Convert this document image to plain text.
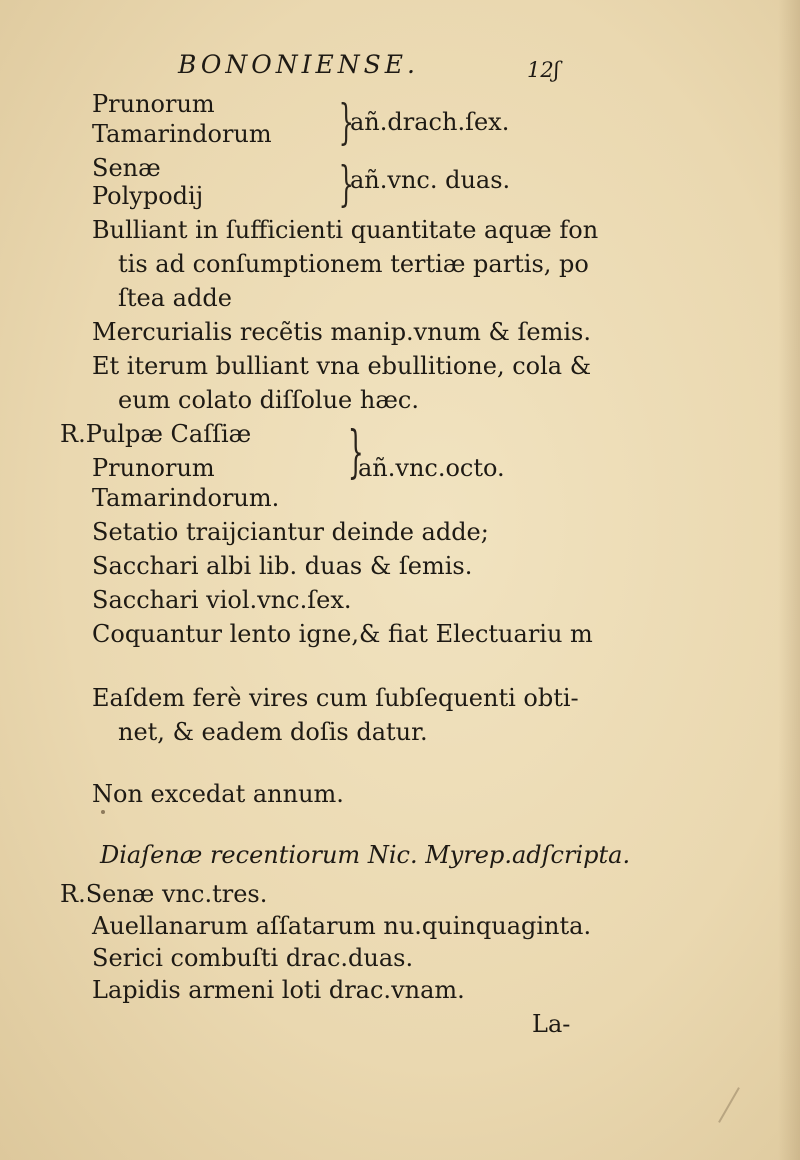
BONONIENSE.	12ʃ
Prunorum
Tamarindorum }
añ.drach.ſex.
Senæ
Polypodij	}
añ.vnc. duas.
Bulliant in ſufficienti quantitate aquæ fon
tis ad conſumptionem tertiæ partis, po
ſtea adde
Mercurialis recẽtis manip.vnum & ſemis.
Et iterum bulliant vna ebullitione, cola &
eum colato diſſolue hæc.
R.Pulpæ Caſſiæ
Prunorum
Tamarindorum.
}
añ.vnc.octo.
Setatio traijciantur deinde adde;
Sacchari albi lib. duas & ſemis.
Sacchari viol.vnc.ſex.
Coquantur lento igne,& fiat Electuariu m
Eaſdem ferè vires cum ſubſequenti obti-
net, & eadem doſis datur.
Non excedat annum.
Diaſenæ recentiorum Nic. Myrep.adſcripta.
R.Senæ vnc.tres.
Auellanarum aſſatarum nu.quinquaginta.
Serici combuſti drac.duas.
Lapidis armeni loti drac.vnam.
La-
